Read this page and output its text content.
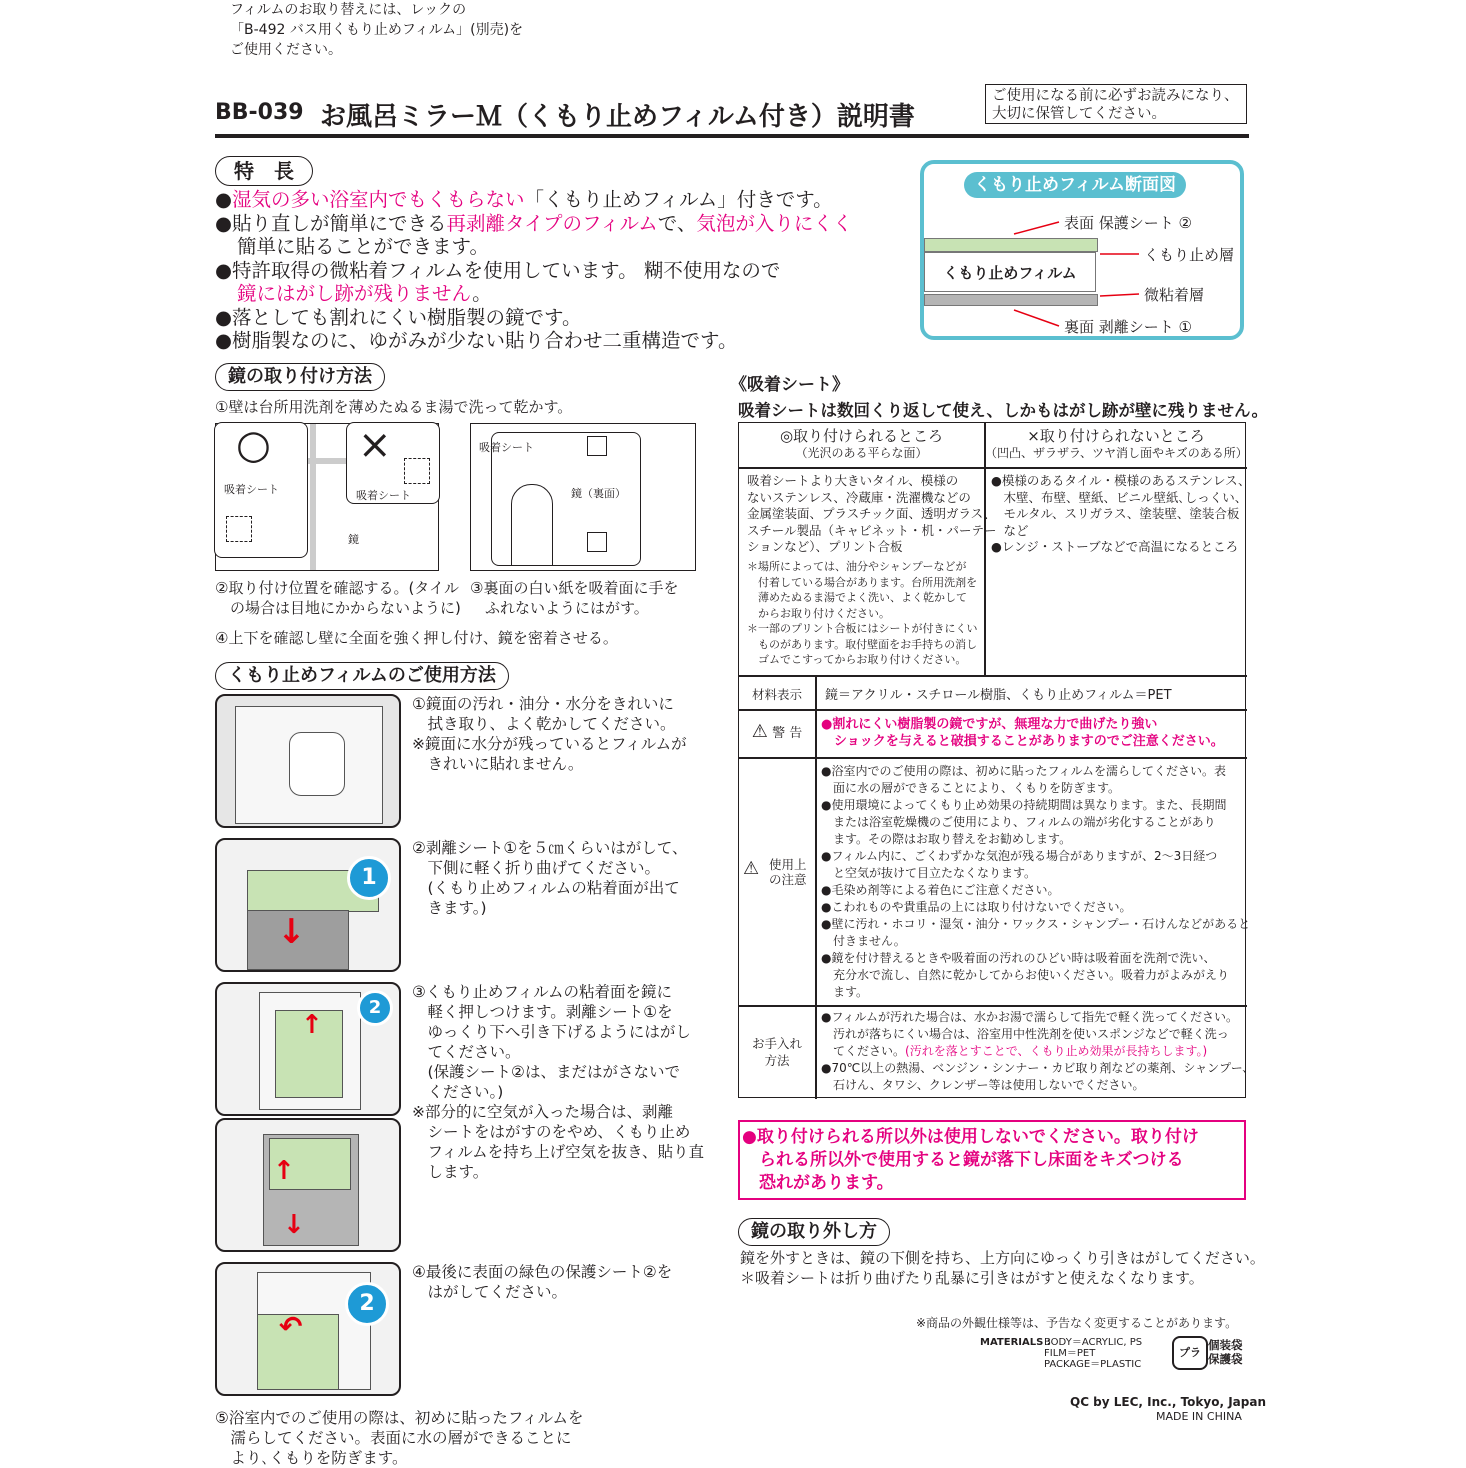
フィルムのお取り替えには、レックの
「B-492 バス用くもり止めフィルム」(別売)を
ご使用ください。
BB-039 お風呂ミラーＭ（くもり止めフィルム付き）説明書
ご使用になる前に必ずお読みになり、
大切に保管してください。
特　長
●湿気の多い浴室内でもくもらない「くもり止めフィルム」付きです。
●貼り直しが簡単にできる再剥離タイプのフィルムで、気泡が入りにくく
簡単に貼ることができます。
●特許取得の微粘着フィルムを使用しています。 糊不使用なので
鏡にはがし跡が残りません。
●落としても割れにくい樹脂製の鏡です。
●樹脂製なのに、ゆがみが少ない貼り合わせ二重構造です。
くもり止めフィルム断面図
表面 保護シート ②
くもり止めフィルム
くもり止め層
微粘着層
裏面 剥離シート ①
鏡の取り付け方法
①壁は台所用洗剤を薄めたぬるま湯で洗って乾かす。
○ ×
吸着シート	吸着シート
鏡
吸着シート
鏡（裏面）
②取り付け位置を確認する。(タイル
　の場合は目地にかからないように)
③裏面の白い紙を吸着面に手を
　ふれないようにはがす。
④上下を確認し壁に全面を強く押し付け、鏡を密着させる。
くもり止めフィルムのご使用方法
①鏡面の汚れ・油分・水分をきれいに
　拭き取り、よく乾かしてください。
※鏡面に水分が残っているとフィルムが
　きれいに貼れません。
1
↓
②剥離シート①を５㎝くらいはがして、
　下側に軽く折り曲げてください。
　(くもり止めフィルムの粘着面が出て
　きます。)
2
↑
↑
↓
③くもり止めフィルムの粘着面を鏡に
　軽く押しつけます。剥離シート①を
　ゆっくり下へ引き下げるようにはがし
　てください。
　(保護シート②は、まだはがさないで
　ください。)
※部分的に空気が入った場合は、剥離
　シートをはがすのをやめ、くもり止め
　フィルムを持ち上げ空気を抜き、貼り直
　します。
2
↶
④最後に表面の緑色の保護シート②を
　はがしてください。
⑤浴室内でのご使用の際は、初めに貼ったフィルムを
　濡らしてください。表面に水の層ができることに
　より､くもりを防ぎます。
《吸着シート》
吸着シートは数回くり返して使え、しかもはがし跡が壁に残りません。
◎取り付けられるところ
（光沢のある平らな面）
×取り付けられないところ
（凹凸、ザラザラ、ツヤ消し面やキズのある所）
吸着シートより大きいタイル、模様の
ないステンレス、冷蔵庫・洗濯機などの
金属塗装面、プラスチック面、透明ガラス、
スチール製品（キャビネット・机・パーテー
ションなど）、プリント合板
＊場所によっては、油分やシャンプーなどが
　付着している場合があります。台所用洗剤を
　薄めたぬるま湯でよく洗い、よく乾かして
　からお取り付けください。
＊一部のプリント合板にはシートが付きにくい
　ものがあります。取付壁面をお手持ちの消し
　ゴムでこすってからお取り付けください。
●模様のあるタイル・模様のあるステンレス、
　木壁、布壁、壁紙、ビニル壁紙､しっくい、
　モルタル、スリガラス、塗装壁、塗装合板
　など
●レンジ・ストーブなどで高温になるところ
材料表示	鏡＝アクリル・スチロール樹脂、くもり止めフィルム＝PET
⚠ 警 告
●割れにくい樹脂製の鏡ですが、無理な力で曲げたり強い
　ショックを与えると破損することがありますのでご注意ください。
⚠ 使用上
の注意
●浴室内でのご使用の際は、初めに貼ったフィルムを濡らしてください。表
　面に水の層ができることにより、くもりを防ぎます。
●使用環境によってくもり止め効果の持続期間は異なります。また、長期間
　または浴室乾燥機のご使用により、フィルムの端が劣化することがあり
　ます。その際はお取り替えをお勧めします。
●フィルム内に、ごくわずかな気泡が残る場合がありますが、2～3日経つ
　と空気が抜けて目立たなくなります。
●毛染め剤等による着色にご注意ください。
●こわれものや貴重品の上には取り付けないでください。
●壁に汚れ・ホコリ・湿気・油分・ワックス・シャンプー・石けんなどがあると
　付きません。
●鏡を付け替えるときや吸着面の汚れのひどい時は吸着面を洗剤で洗い、
　充分水で流し、自然に乾かしてからお使いください。吸着力がよみがえり
　ます。
お手入れ
方法
●フィルムが汚れた場合は、水かお湯で濡らして指先で軽く洗ってください。
　汚れが落ちにくい場合は、浴室用中性洗剤を使いスポンジなどで軽く洗っ
　てください。(汚れを落とすことで、くもり止め効果が長持ちします。)
●70℃以上の熱湯、ベンジン・シンナー・カビ取り剤などの薬剤、シャンプー、
　石けん、タワシ、クレンザー等は使用しないでください。
●取り付けられる所以外は使用しないでください。取り付け
　られる所以外で使用すると鏡が落下し床面をキズつける
　恐れがあります。
鏡の取り外し方
鏡を外すときは、鏡の下側を持ち、上方向にゆっくり引きはがしてください。
＊吸着シートは折り曲げたり乱暴に引きはがすと使えなくなります。
※商品の外観仕様等は、予告なく変更することがあります。
MATERIALS :
BODY＝ACRYLIC, PS
FILM＝PET
PACKAGE＝PLASTIC
プラ
個装袋
保護袋
QC by LEC, Inc., Tokyo, Japan
MADE IN CHINA
